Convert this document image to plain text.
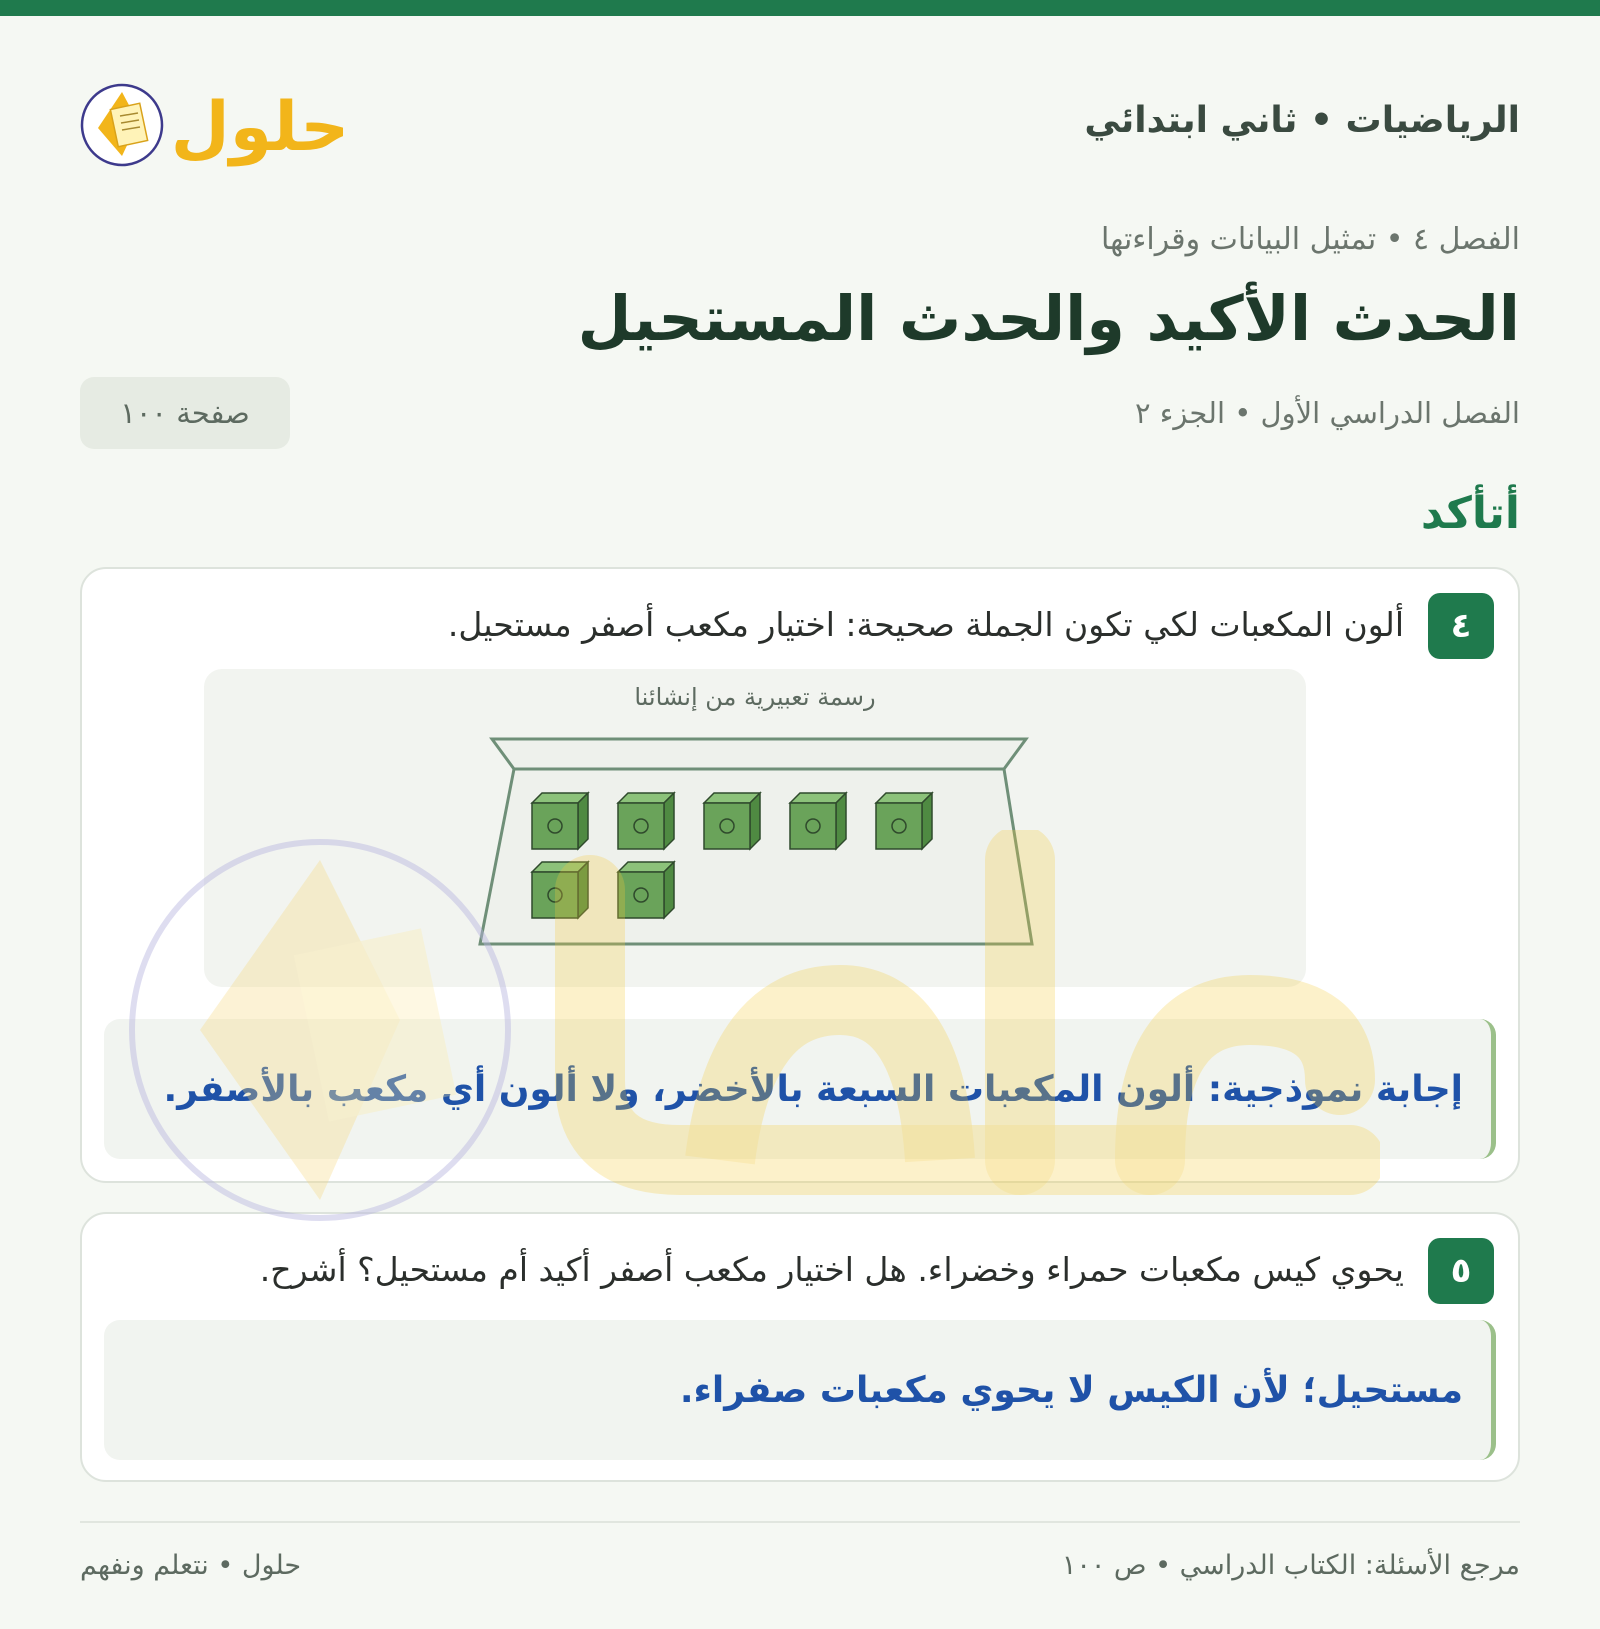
الرياضيات • ثاني ابتدائي
حلول
الفصل ٤ • تمثيل البيانات وقراءتها
الحدث الأكيد والحدث المستحيل
الفصل الدراسي الأول • الجزء ٢
صفحة ١٠٠
أتأكد
٤
ألون المكعبات لكي تكون الجملة صحيحة: اختيار مكعب أصفر مستحيل.
رسمة تعبيرية من إنشائنا
إجابة نموذجية: ألون المكعبات السبعة بالأخضر، ولا ألون أي مكعب بالأصفر.
٥
يحوي كيس مكعبات حمراء وخضراء. هل اختيار مكعب أصفر أكيد أم مستحيل؟ أشرح.
مستحيل؛ لأن الكيس لا يحوي مكعبات صفراء.
مرجع الأسئلة: الكتاب الدراسي • ص ١٠٠
حلول • نتعلم ونفهم
